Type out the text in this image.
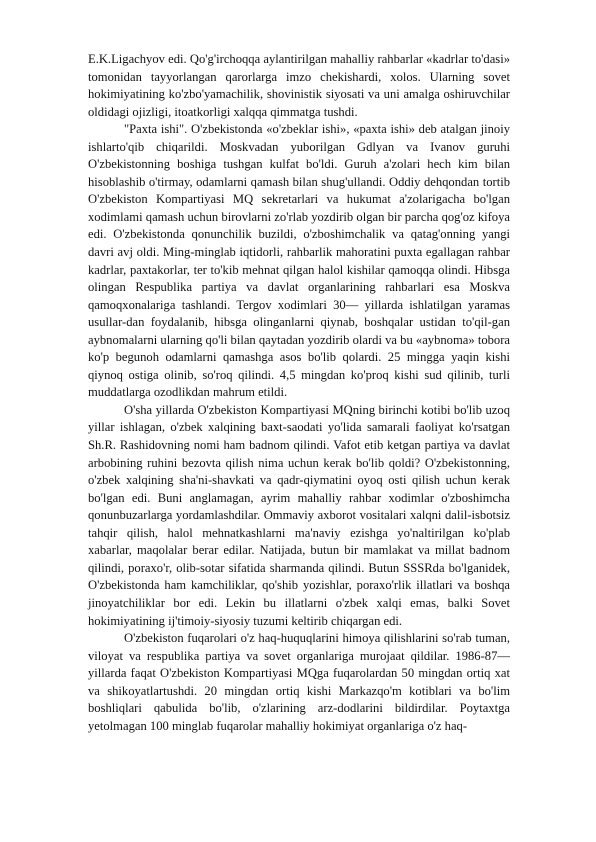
E.K.Ligachyov edi. Qo'g'irchoqqa aylantirilgan mahalliy rahbarlar «kadrlar to'dasi» tomonidan tayyorlangan qarorlarga imzo chekishardi, xolos. Ularning sovet hokimiyatining ko'zbo'yamachilik, shovinistik siyosati va uni amalga oshiruvchilar oldidagi ojizligi, itoatkorligi xalqqa qimmatga tushdi.

"Paxta ishi". O'zbekistonda «o'zbeklar ishi», «paxta ishi» deb atalgan jinoiy ishlarto'qib chiqarildi. Moskvadan yuborilgan Gdlyan va Ivanov guruhi O'zbekistonning boshiga tushgan kulfat bo'ldi. Guruh a'zolari hech kim bilan hisoblashib o'tirmay, odamlarni qamash bilan shug'ullandi. Oddiy dehqondan tortib O'zbekiston Kompartiyasi MQ sekretarlari va hukumat a'zolarigacha bo'lgan xodimlami qamash uchun birovlarni zo'rlab yozdirib olgan bir parcha qog'oz kifoya edi. O'zbekistonda qonunchilik buzildi, o'zboshimchalik va qatag'onning yangi davri avj oldi. Ming-minglab iqtidorli, rahbarlik mahoratini puxta egallagan rahbar kadrlar, paxtakorlar, ter to'kib mehnat qilgan halol kishilar qamoqqa olindi. Hibsga olingan Respublika partiya va davlat organlarining rahbarlari esa Moskva qamoqxonalariga tashlandi. Tergov xodimlari 30— yillarda ishlatilgan yaramas usullar-dan foydalanib, hibsga olinganlarni qiynab, boshqalar ustidan to'qil-gan aybnomalarni ularning qo'li bilan qaytadan yozdirib olardi va bu «aybnoma» tobora ko'p begunoh odamlarni qamashga asos bo'lib qolardi. 25 mingga yaqin kishi qiynoq ostiga olinib, so'roq qilindi. 4,5 mingdan ko'proq kishi sud qilinib, turli muddatlarga ozodlikdan mahrum etildi.

O'sha yillarda O'zbekiston Kompartiyasi MQning birinchi kotibi bo'lib uzoq yillar ishlagan, o'zbek xalqining baxt-saodati yo'lida samarali faoliyat ko'rsatgan Sh.R. Rashidovning nomi ham badnom qilindi. Vafot etib ketgan partiya va davlat arbobining ruhini bezovta qilish nima uchun kerak bo'lib qoldi? O'zbekistonning, o'zbek xalqining sha'ni-shavkati va qadr-qiymatini oyoq osti qilish uchun kerak bo'lgan edi. Buni anglamagan, ayrim mahalliy rahbar xodimlar o'zboshimcha qonunbuzarlarga yordamlashdilar. Ommaviy axborot vositalari xalqni dalil-isbotsiz tahqir qilish, halol mehnatkashlarni ma'naviy ezishga yo'naltirilgan ko'plab xabarlar, maqolalar berar edilar. Natijada, butun bir mamlakat va millat badnom qilindi, poraxo'r, olib-sotar sifatida sharmanda qilindi. Butun SSSRda bo'lganidek, O'zbekistonda ham kamchiliklar, qo'shib yozishlar, poraxo'rlik illatlari va boshqa jinoyatchiliklar bor edi. Lekin bu illatlarni o'zbek xalqi emas, balki Sovet hokimiyatining ij'timoiy-siyosiy tuzumi keltirib chiqargan edi.

O'zbekiston fuqarolari o'z haq-huquqlarini himoya qilishlarini so'rab tuman, viloyat va respublika partiya va sovet organlariga murojaat qildilar. 1986-87— yillarda faqat O'zbekiston Kompartiyasi MQga fuqarolardan 50 mingdan ortiq xat va shikoyatlartushdi. 20 mingdan ortiq kishi Markazqo'm kotiblari va bo'lim boshliqlari qabulida bo'lib, o'zlarining arz-dodlarini bildirdilar. Poytaxtga yetolmagan 100 minglab fuqarolar mahalliy hokimiyat organlariga o'z haq-
